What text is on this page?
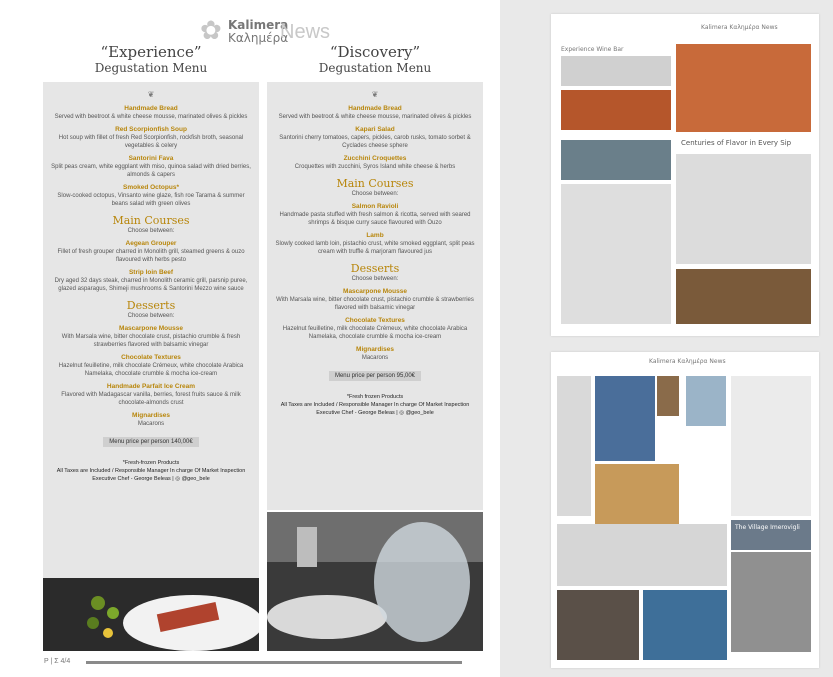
✿ Kalimera
Καλημέρα
News
“Experience”
Degustation Menu
❦
Handmade Bread
Served with beetroot & white cheese mousse, marinated olives & pickles
Red Scorpionfish Soup
Hot soup with fillet of fresh Red Scorpionfish, rockfish broth, seasonal vegetables & celery
Santorini Fava
Split peas cream, white eggplant with miso, quinoa salad with dried berries, almonds & capers
Smoked Octopus*
Slow-cooked octopus, Vinsanto wine glaze, fish roe Tarama & summer beans salad with green olives
Main Courses
Choose between:
Aegean Grouper
Fillet of fresh grouper charred in Monolith grill, steamed greens & ouzo flavoured with herbs pesto
Strip loin Beef
Dry aged 32 days steak, charred in Monolith ceramic grill, parsnip puree, glazed asparagus, Shimeji mushrooms & Santorini Mezzo wine sauce
Desserts
Choose between:
Mascarpone Mousse
With Marsala wine, bitter chocolate crust, pistachio crumble & fresh strawberries flavored with balsamic vinegar
Chocolate Textures
Hazelnut feuilletine, milk chocolate Crémeux, white chocolate Arabica Namelaka, chocolate crumble & mocha ice-cream
Handmade Parfait Ice Cream
Flavored with Madagascar vanilla, berries, forest fruits sauce & milk chocolate-almonds crust
Mignardises
Macarons
Menu price per person 140,00€
*Fresh-frozen Products
All Taxes are Included / Responsible Manager In charge Of Market Inspection
Executive Chef - George Beleas | ◎ @geo_bele
“Discovery”
Degustation Menu
❦
Handmade Bread
Served with beetroot & white cheese mousse, marinated olives & pickles
Kapari Salad
Santorini cherry tomatoes, capers, pickles, carob rusks, tomato sorbet & Cyclades cheese sphere
Zucchini Croquettes
Croquettes with zucchini, Syros Island white cheese & herbs
Main Courses
Choose between:
Salmon Ravioli
Handmade pasta stuffed with fresh salmon & ricotta, served with seared shrimps & bisque curry sauce flavoured with Ouzo
Lamb
Slowly cooked lamb loin, pistachio crust, white smoked eggplant, split peas cream with truffle & marjoram flavoured jus
Desserts
Choose between:
Mascarpone Mousse
With Marsala wine, bitter chocolate crust, pistachio crumble & strawberries flavored with balsamic vinegar
Chocolate Textures
Hazelnut feuilletine, milk chocolate Crémeux, white chocolate Arabica Namelaka, chocolate crumble & mocha ice-cream
Mignardises
Macarons
Menu price per person 95,00€
*Fresh frozen Products
All Taxes are Included / Responsible Manager In charge Of Market Inspection
Executive Chef - George Beleas | ◎ @geo_bele
P | Σ 4/4
Experience Wine Bar
Kalimera Καλημέρα News
Centuries of Flavor in Every Sip
Kalimera Καλημέρα News
The Village Imerovigli
